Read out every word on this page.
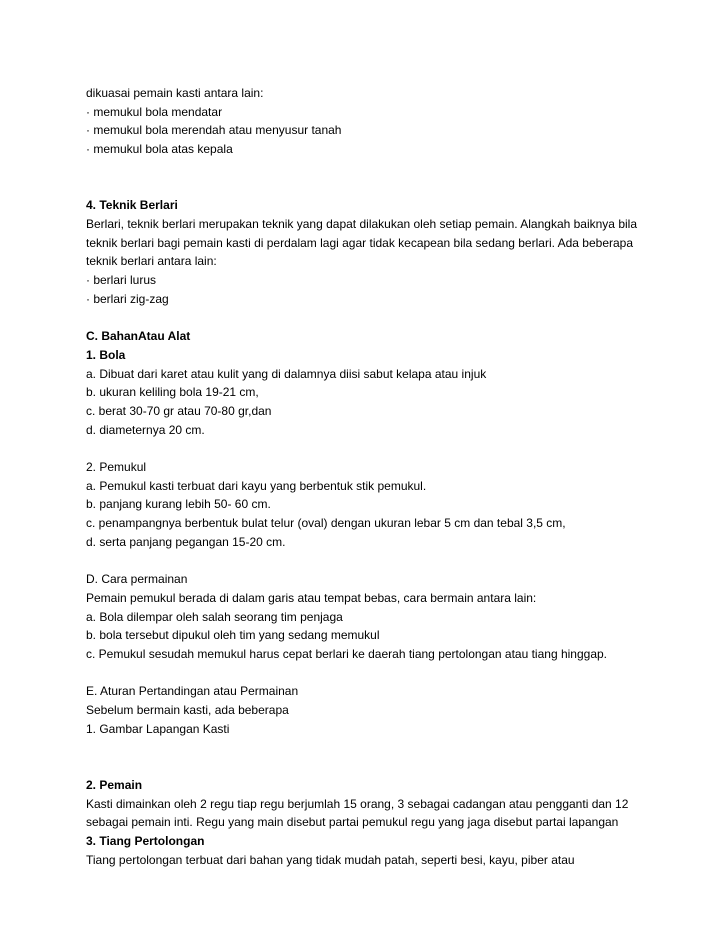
dikuasai pemain kasti antara lain:

· memukul bola mendatar

· memukul bola merendah atau menyusur tanah

· memukul bola atas kepala

4. Teknik Berlari

Berlari, teknik berlari merupakan teknik yang dapat dilakukan oleh setiap pemain. Alangkah baiknya bila

teknik berlari bagi pemain kasti di perdalam lagi agar tidak kecapean bila sedang berlari. Ada beberapa

teknik berlari antara lain:

· berlari lurus

· berlari zig-zag

C. BahanAtau Alat

1. Bola

a. Dibuat dari karet atau kulit yang di dalamnya diisi sabut kelapa atau injuk

b. ukuran keliling bola 19-21 cm,

c. berat 30-70 gr atau 70-80 gr,dan

d. diameternya 20 cm.

2. Pemukul

a. Pemukul kasti terbuat dari kayu yang berbentuk stik pemukul.

b. panjang kurang lebih 50- 60 cm.

c. penampangnya berbentuk bulat telur (oval) dengan ukuran lebar 5 cm dan tebal 3,5 cm,

d. serta panjang pegangan 15-20 cm.

D. Cara permainan

Pemain pemukul berada di dalam garis atau tempat bebas, cara bermain antara lain:

a. Bola dilempar oleh salah seorang tim penjaga

b. bola tersebut dipukul oleh tim yang sedang memukul

c. Pemukul sesudah memukul harus cepat berlari ke daerah tiang pertolongan atau tiang hinggap.

E. Aturan Pertandingan atau Permainan

Sebelum bermain kasti, ada beberapa

1. Gambar Lapangan Kasti

2. Pemain

Kasti dimainkan oleh 2 regu tiap regu berjumlah 15 orang, 3 sebagai cadangan atau pengganti dan 12

sebagai pemain inti. Regu yang main disebut partai pemukul regu yang jaga disebut partai lapangan

3. Tiang Pertolongan

Tiang pertolongan terbuat dari bahan yang tidak mudah patah, seperti besi, kayu, piber atau
